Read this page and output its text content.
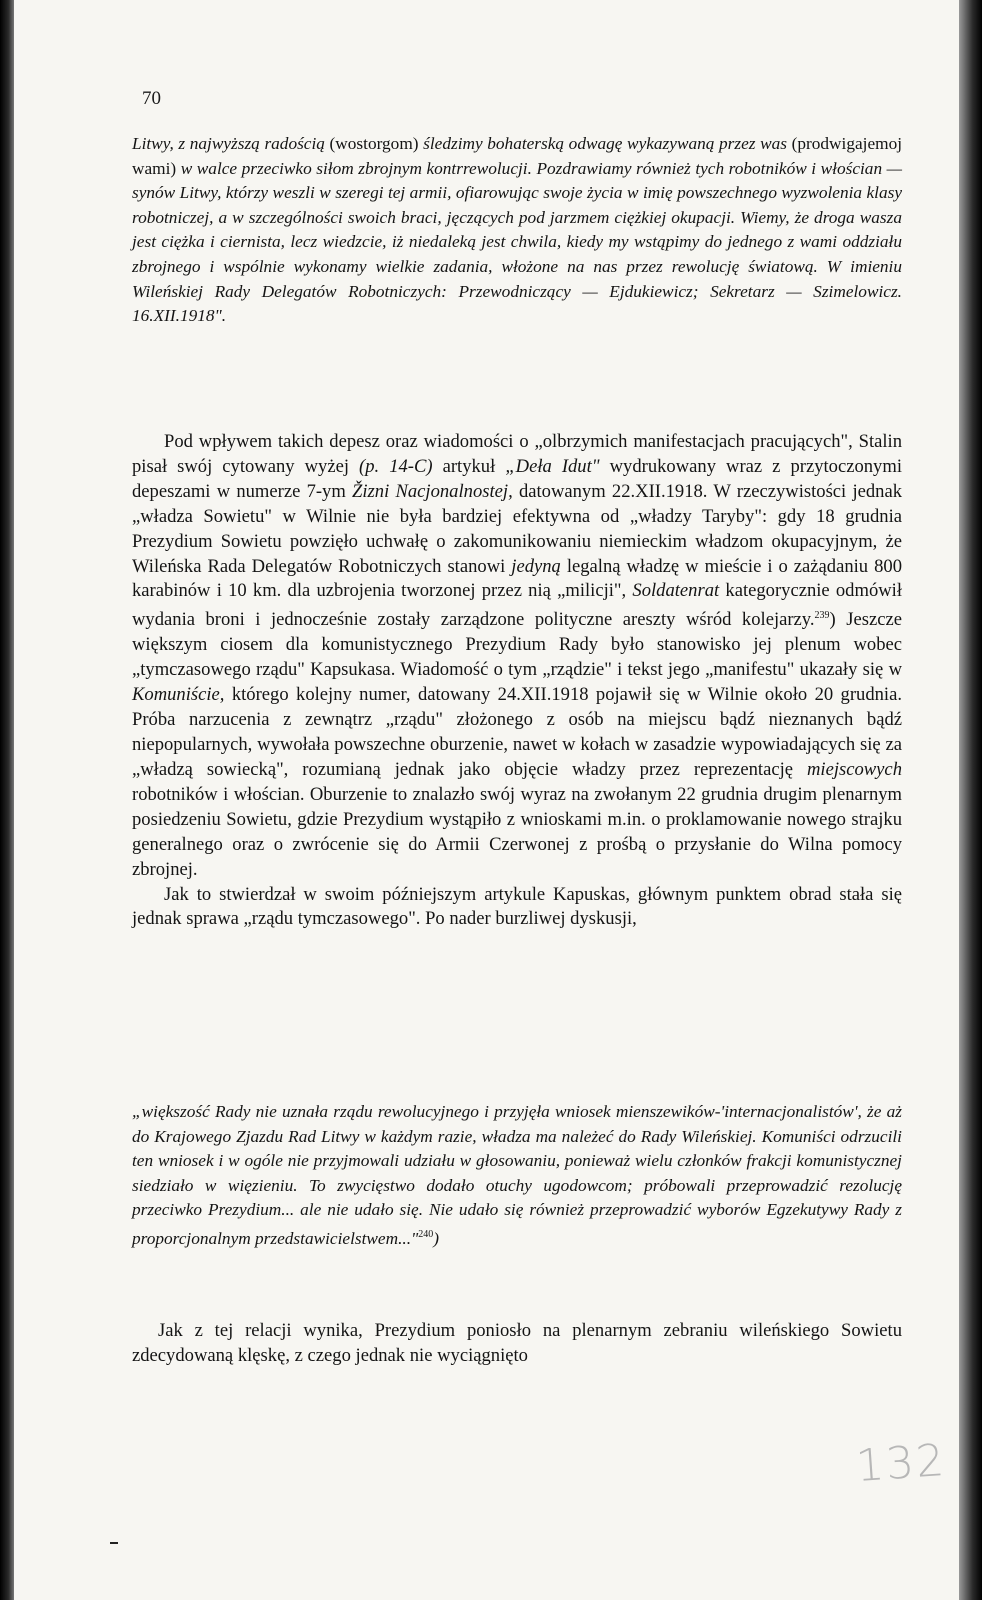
70

Litwy, z najwyższą radością (wostorgom) śledzimy bohaterską odwagę wykazywaną przez was (prodwigajemoj wami) w walce przeciwko siłom zbrojnym kontrrewolucji. Pozdrawiamy również tych robotników i włościan — synów Litwy, którzy weszli w szeregi tej armii, ofiarowując swoje życia w imię powszechnego wyzwolenia klasy robotniczej, a w szczególności swoich braci, jęczących pod jarzmem ciężkiej okupacji. Wiemy, że droga wasza jest ciężka i ciernista, lecz wiedzcie, iż niedaleką jest chwila, kiedy my wstąpimy do jednego z wami oddziału zbrojnego i wspólnie wykonamy wielkie zadania, włożone na nas przez rewolucję światową. W imieniu Wileńskiej Rady Delegatów Robotniczych: Przewodniczący — Ejdukiewicz; Sekretarz — Szimelowicz. 16.XII.1918".

Pod wpływem takich depesz oraz wiadomości o „olbrzymich manifestacjach pracujących", Stalin pisał swój cytowany wyżej (p. 14-C) artykuł „Deła Idut" wydrukowany wraz z przytoczonymi depeszami w numerze 7-ym Žizni Nacjonalnostej, datowanym 22.XII.1918. W rzeczywistości jednak „władza Sowietu" w Wilnie nie była bardziej efektywna od „władzy Taryby": gdy 18 grudnia Prezydium Sowietu powzięło uchwałę o zakomunikowaniu niemieckim władzom okupacyjnym, że Wileńska Rada Delegatów Robotniczych stanowi jedyną legalną władzę w mieście i o zażądaniu 800 karabinów i 10 km. dla uzbrojenia tworzonej przez nią „milicji", Soldatenrat kategorycznie odmówił wydania broni i jednocześnie zostały zarządzone polityczne areszty wśród kolejarzy.$^{239}$) Jeszcze większym ciosem dla komunistycznego Prezydium Rady było stanowisko jej plenum wobec „tymczasowego rządu" Kapsukasa. Wiadomość o tym „rządzie" i tekst jego „manifestu" ukazały się w Komuniście, którego kolejny numer, datowany 24.XII.1918 pojawił się w Wilnie około 20 grudnia. Próba narzucenia z zewnątrz „rządu" złożonego z osób na miejscu bądź nieznanych bądź niepopularnych, wywołała powszechne oburzenie, nawet w kołach w zasadzie wypowiadających się za „władzą sowiecką", rozumianą jednak jako objęcie władzy przez reprezentację miejscowych robotników i włościan. Oburzenie to znalazło swój wyraz na zwołanym 22 grudnia drugim plenarnym posiedzeniu Sowietu, gdzie Prezydium wystąpiło z wnioskami m.in. o proklamowanie nowego strajku generalnego oraz o zwrócenie się do Armii Czerwonej z prośbą o przysłanie do Wilna pomocy zbrojnej.

Jak to stwierdzał w swoim późniejszym artykule Kapuskas, głównym punktem obrad stała się jednak sprawa „rządu tymczasowego". Po nader burzliwej dyskusji,

„większość Rady nie uznała rządu rewolucyjnego i przyjęła wniosek mienszewików-'internacjonalistów', że aż do Krajowego Zjazdu Rad Litwy w każdym razie, władza ma należeć do Rady Wileńskiej. Komuniści odrzucili ten wniosek i w ogóle nie przyjmowali udziału w głosowaniu, ponieważ wielu członków frakcji komunistycznej siedziało w więzieniu. To zwycięstwo dodało otuchy ugodowcom; próbowali przeprowadzić rezolucję przeciwko Prezydium... ale nie udało się. Nie udało się również przeprowadzić wyborów Egzekutywy Rady z proporcjonalnym przedstawicielstwem..."$^{240}$)

Jak z tej relacji wynika, Prezydium poniosło na plenarnym zebraniu wileńskiego Sowietu zdecydowaną klęskę, z czego jednak nie wyciągnięto

132
